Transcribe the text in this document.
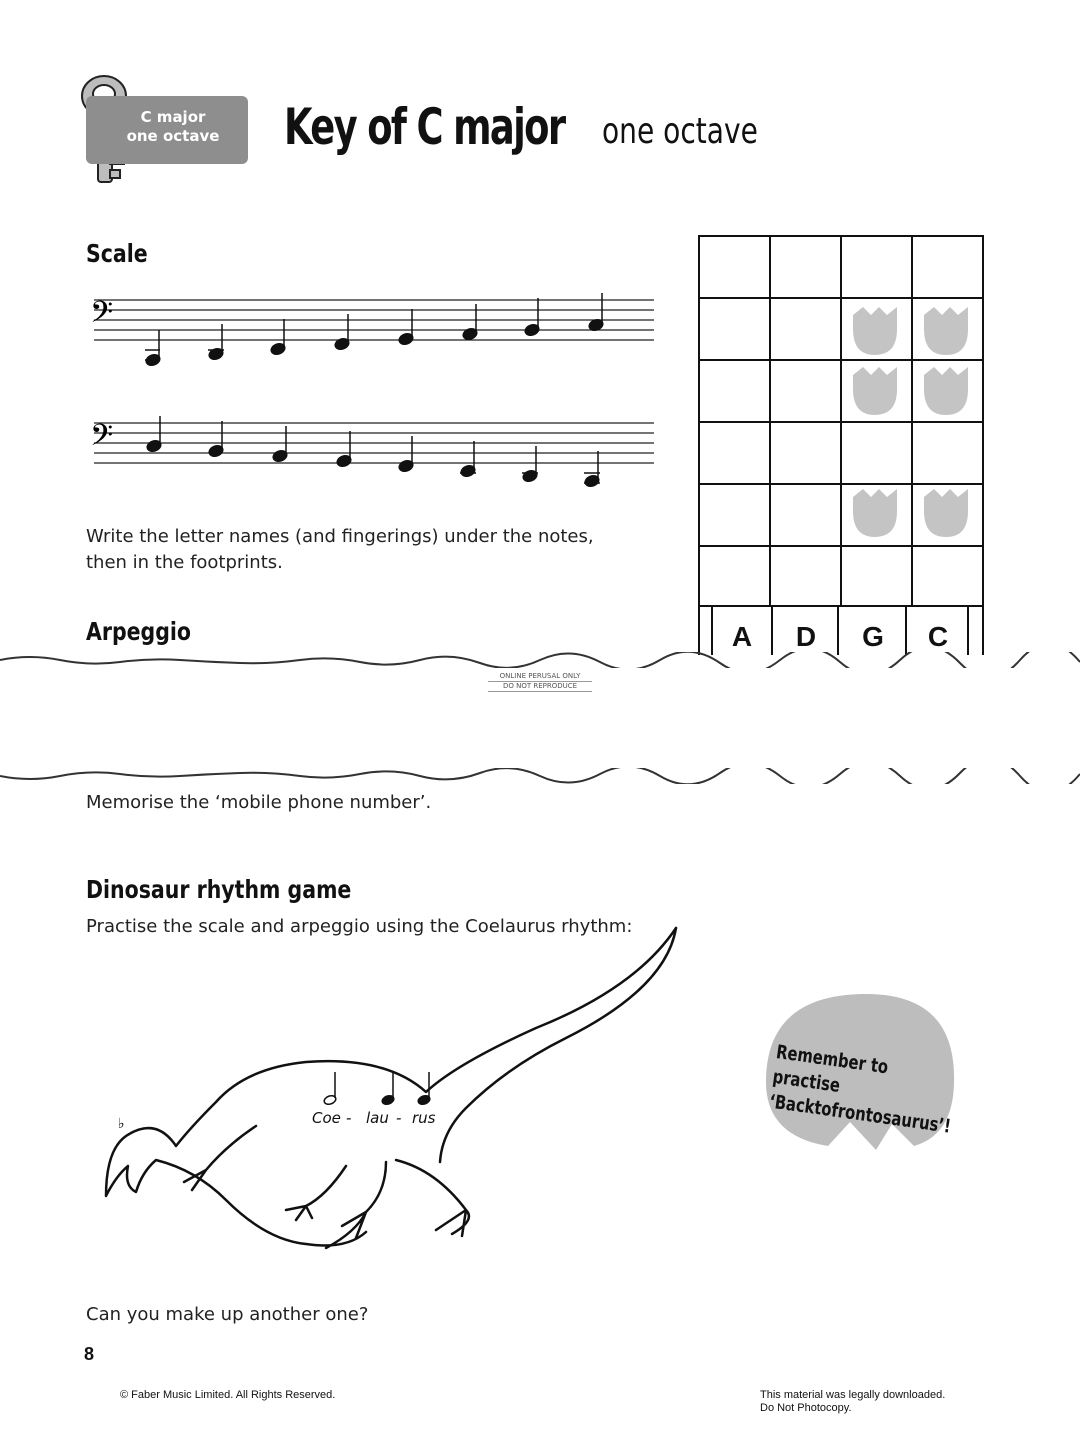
C major
one octave	Key of C major one octave
Scale
𝄢
𝄢
Write the letter names (and fingerings) under the notes,
then in the footprints.
A	D	G	C
Arpeggio
ONLINE PERUSAL ONLY
DO NOT REPRODUCE
Memorise the ‘mobile phone number’.
Dinosaur rhythm game
Practise the scale and arpeggio using the Coelaurus rhythm:
♭	Coe - lau - rus
Remember to practise
‘Backtofrontosaurus’!
Can you make up another one?
8
© Faber Music Limited. All Rights Reserved.	This material was legally downloaded.
Do Not Photocopy.
